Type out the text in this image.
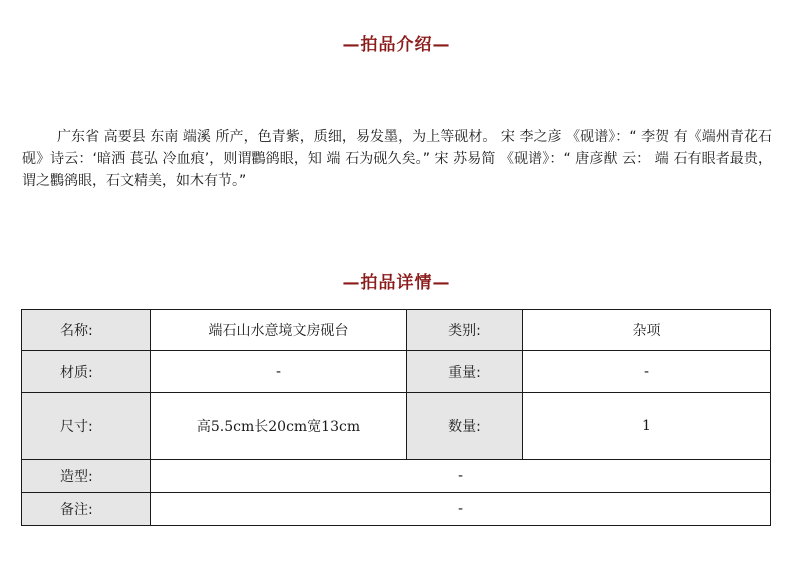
—拍品介绍—
广东省 高要县 东南 端溪 所产，色青紫，质细，易发墨，为上等砚材。 宋 李之彦 《砚谱》：“ 李贺 有《端州青花石砚》诗云：‘暗洒 萇弘 冷血痕’，则谓鸜鹆眼，知 端 石为砚久矣。” 宋 苏易简 《砚谱》：“ 唐彦猷 云： 端 石有眼者最贵，谓之鸜鹆眼，石文精美，如木有节。”
—拍品详情—
名称:	端石山水意境文房砚台	类别:	杂项
材质:	-	重量:	-
尺寸:	高5.5cm长20cm宽13cm	数量:	1
造型:	-		
备注:	-		
